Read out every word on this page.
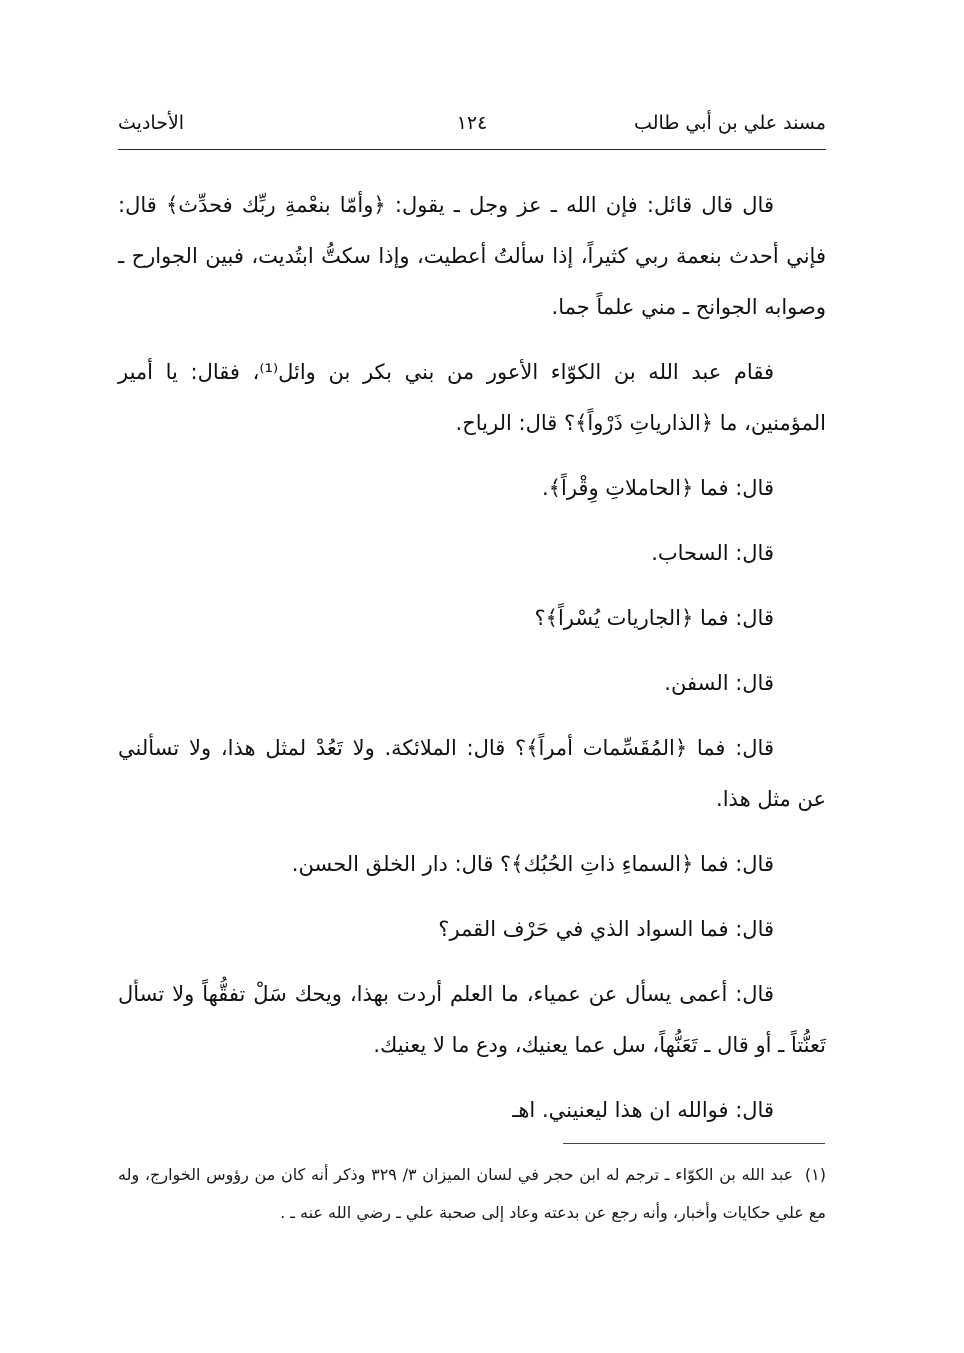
مسند علي بن أبي طالب
١٢٤
الأحاديث

قال قال قائل: فإن الله ـ عز وجل ـ يقول: ﴿وأمّا بنعْمةِ ربِّك فحدِّث﴾ قال: فإني أحدث بنعمة ربي كثيراً، إذا سألتُ أعطيت، وإذا سكتُّ ابتُديت، فبين الجوارح ـ وصوابه الجوانح ـ مني علماً جما.

فقام عبد الله بن الكوّاء الأعور من بني بكر بن وائل⁽¹⁾، فقال: يا أمير المؤمنين، ما ﴿الذارياتِ ذَرْواً﴾؟ قال: الرياح.

قال: فما ﴿الحاملاتِ وِقْراً﴾.

قال: السحاب.

قال: فما ﴿الجاريات يُسْراً﴾؟

قال: السفن.

قال: فما ﴿المُقَسِّمات أمراً﴾؟ قال: الملائكة. ولا تَعُدْ لمثل هذا، ولا تسألني عن مثل هذا.

قال: فما ﴿السماءِ ذاتِ الحُبُك﴾؟ قال: دار الخلق الحسن.

قال: فما السواد الذي في حَرْف القمر؟

قال: أعمى يسأل عن عمياء، ما العلم أردت بهذا، ويحك سَلْ تفقُّهاً ولا تسأل تَعنُّتاً ـ أو قال ـ تَعَنُّهاً، سل عما يعنيك، ودع ما لا يعنيك.

قال: فوالله ان هذا ليعنيني. اهـ

(١) عبد الله بن الكوّاء ـ ترجم له ابن حجر في لسان الميزان ٣/ ٣٢٩ وذكر أنه كان من رؤوس الخوارج، وله مع علي حكايات وأخبار، وأنه رجع عن بدعته وعاد إلى صحبة علي ـ رضي الله عنه ـ .
